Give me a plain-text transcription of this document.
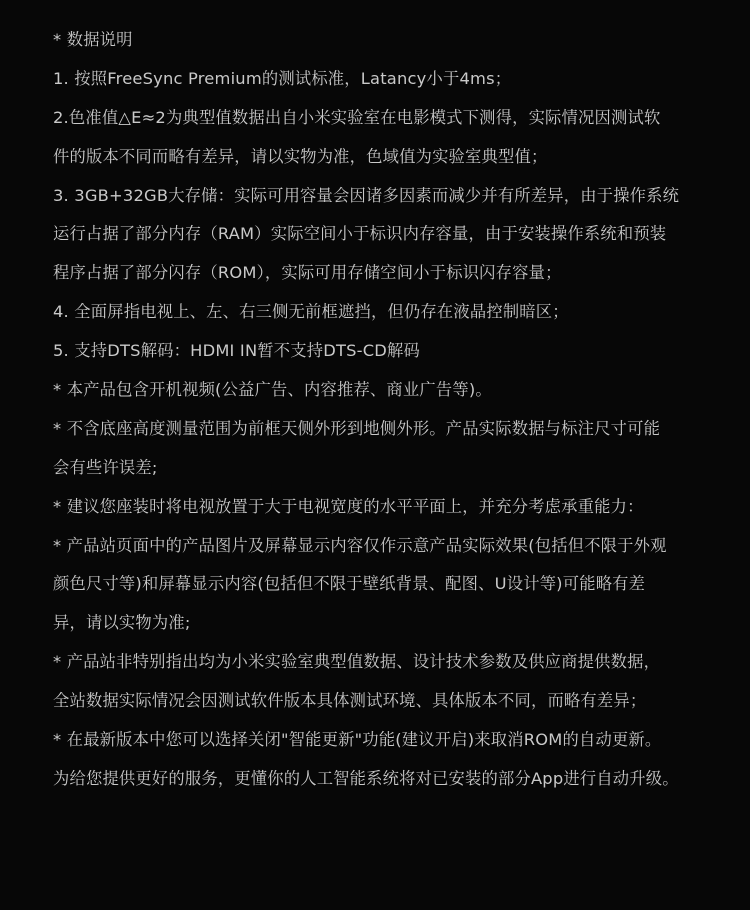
* 数据说明
1. 按照FreeSync Premium的测试标准，Latancy小于4ms；
2.色准值△E≈2为典型值数据出自小米实验室在电影模式下测得，实际情况因测试软
件的版本不同而略有差异，请以实物为准，色域值为实验室典型值；
3. 3GB+32GB大存储：实际可用容量会因诸多因素而减少并有所差异，由于操作系统
运行占据了部分内存（RAM）实际空间小于标识内存容量，由于安装操作系统和预装
程序占据了部分闪存（ROM），实际可用存储空间小于标识闪存容量；
4. 全面屏指电视上、左、右三侧无前框遮挡，但仍存在液晶控制暗区；
5. 支持DTS解码：HDMI IN暂不支持DTS-CD解码
* 本产品包含开机视频(公益广告、内容推荐、商业广告等)。
* 不含底座高度测量范围为前框天侧外形到地侧外形。产品实际数据与标注尺寸可能
会有些许误差;
* 建议您座装时将电视放置于大于电视宽度的水平平面上，并充分考虑承重能力：
* 产品站页面中的产品图片及屏幕显示内容仅作示意产品实际效果(包括但不限于外观
颜色尺寸等)和屏幕显示内容(包括但不限于壁纸背景、配图、U设计等)可能略有差
异，请以实物为准;
* 产品站非特别指出均为小米实验室典型值数据、设计技术参数及供应商提供数据，
全站数据实际情况会因测试软件版本具体测试环境、具体版本不同，而略有差异；
* 在最新版本中您可以选择关闭"智能更新"功能(建议开启)来取消ROM的自动更新。
为给您提供更好的服务，更懂你的人工智能系统将对已安装的部分App进行自动升级。
